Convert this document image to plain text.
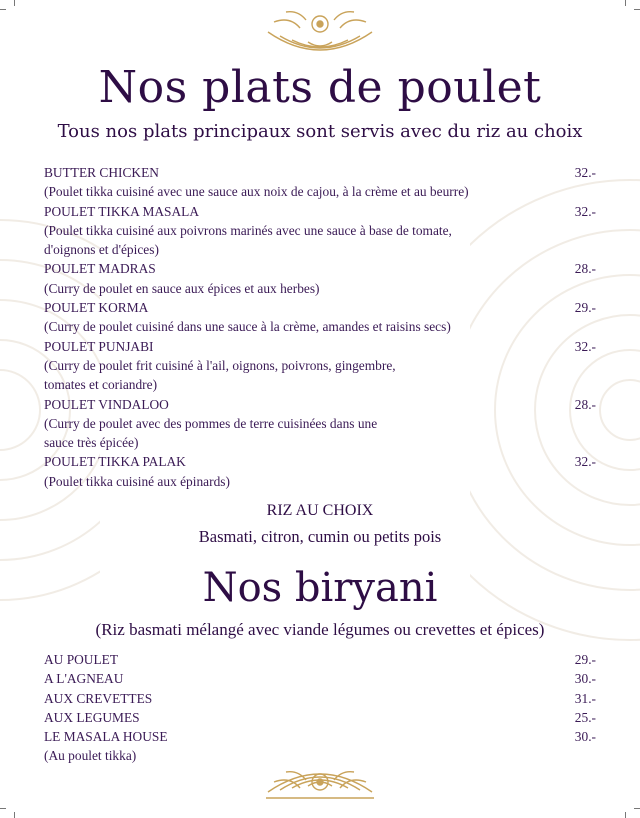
Nos plats de poulet
Tous nos plats principaux sont servis avec du riz au choix
BUTTER CHICKEN	32.-
(Poulet tikka cuisiné avec une sauce aux noix de cajou, à la crème et au beurre)
POULET TIKKA MASALA	32.-
(Poulet tikka cuisiné aux poivrons marinés avec une sauce à base de tomate,
d'oignons et d'épices)
POULET MADRAS	28.-
(Curry de poulet en sauce aux épices et aux herbes)
POULET KORMA	29.-
(Curry de poulet cuisiné dans une sauce à la crème, amandes et raisins secs)
POULET PUNJABI	32.-
(Curry de poulet frit cuisiné à l'ail, oignons, poivrons, gingembre,
tomates et coriandre)
POULET VINDALOO	28.-
(Curry de poulet avec des pommes de terre cuisinées dans une
sauce très épicée)
POULET TIKKA PALAK	32.-
(Poulet tikka cuisiné aux épinards)
RIZ AU CHOIX
Basmati, citron, cumin ou petits pois
Nos biryani
(Riz basmati mélangé avec viande légumes ou crevettes et épices)
AU POULET	29.-
A L'AGNEAU	30.-
AUX CREVETTES	31.-
AUX LEGUMES	25.-
LE MASALA HOUSE	30.-
(Au poulet tikka)
